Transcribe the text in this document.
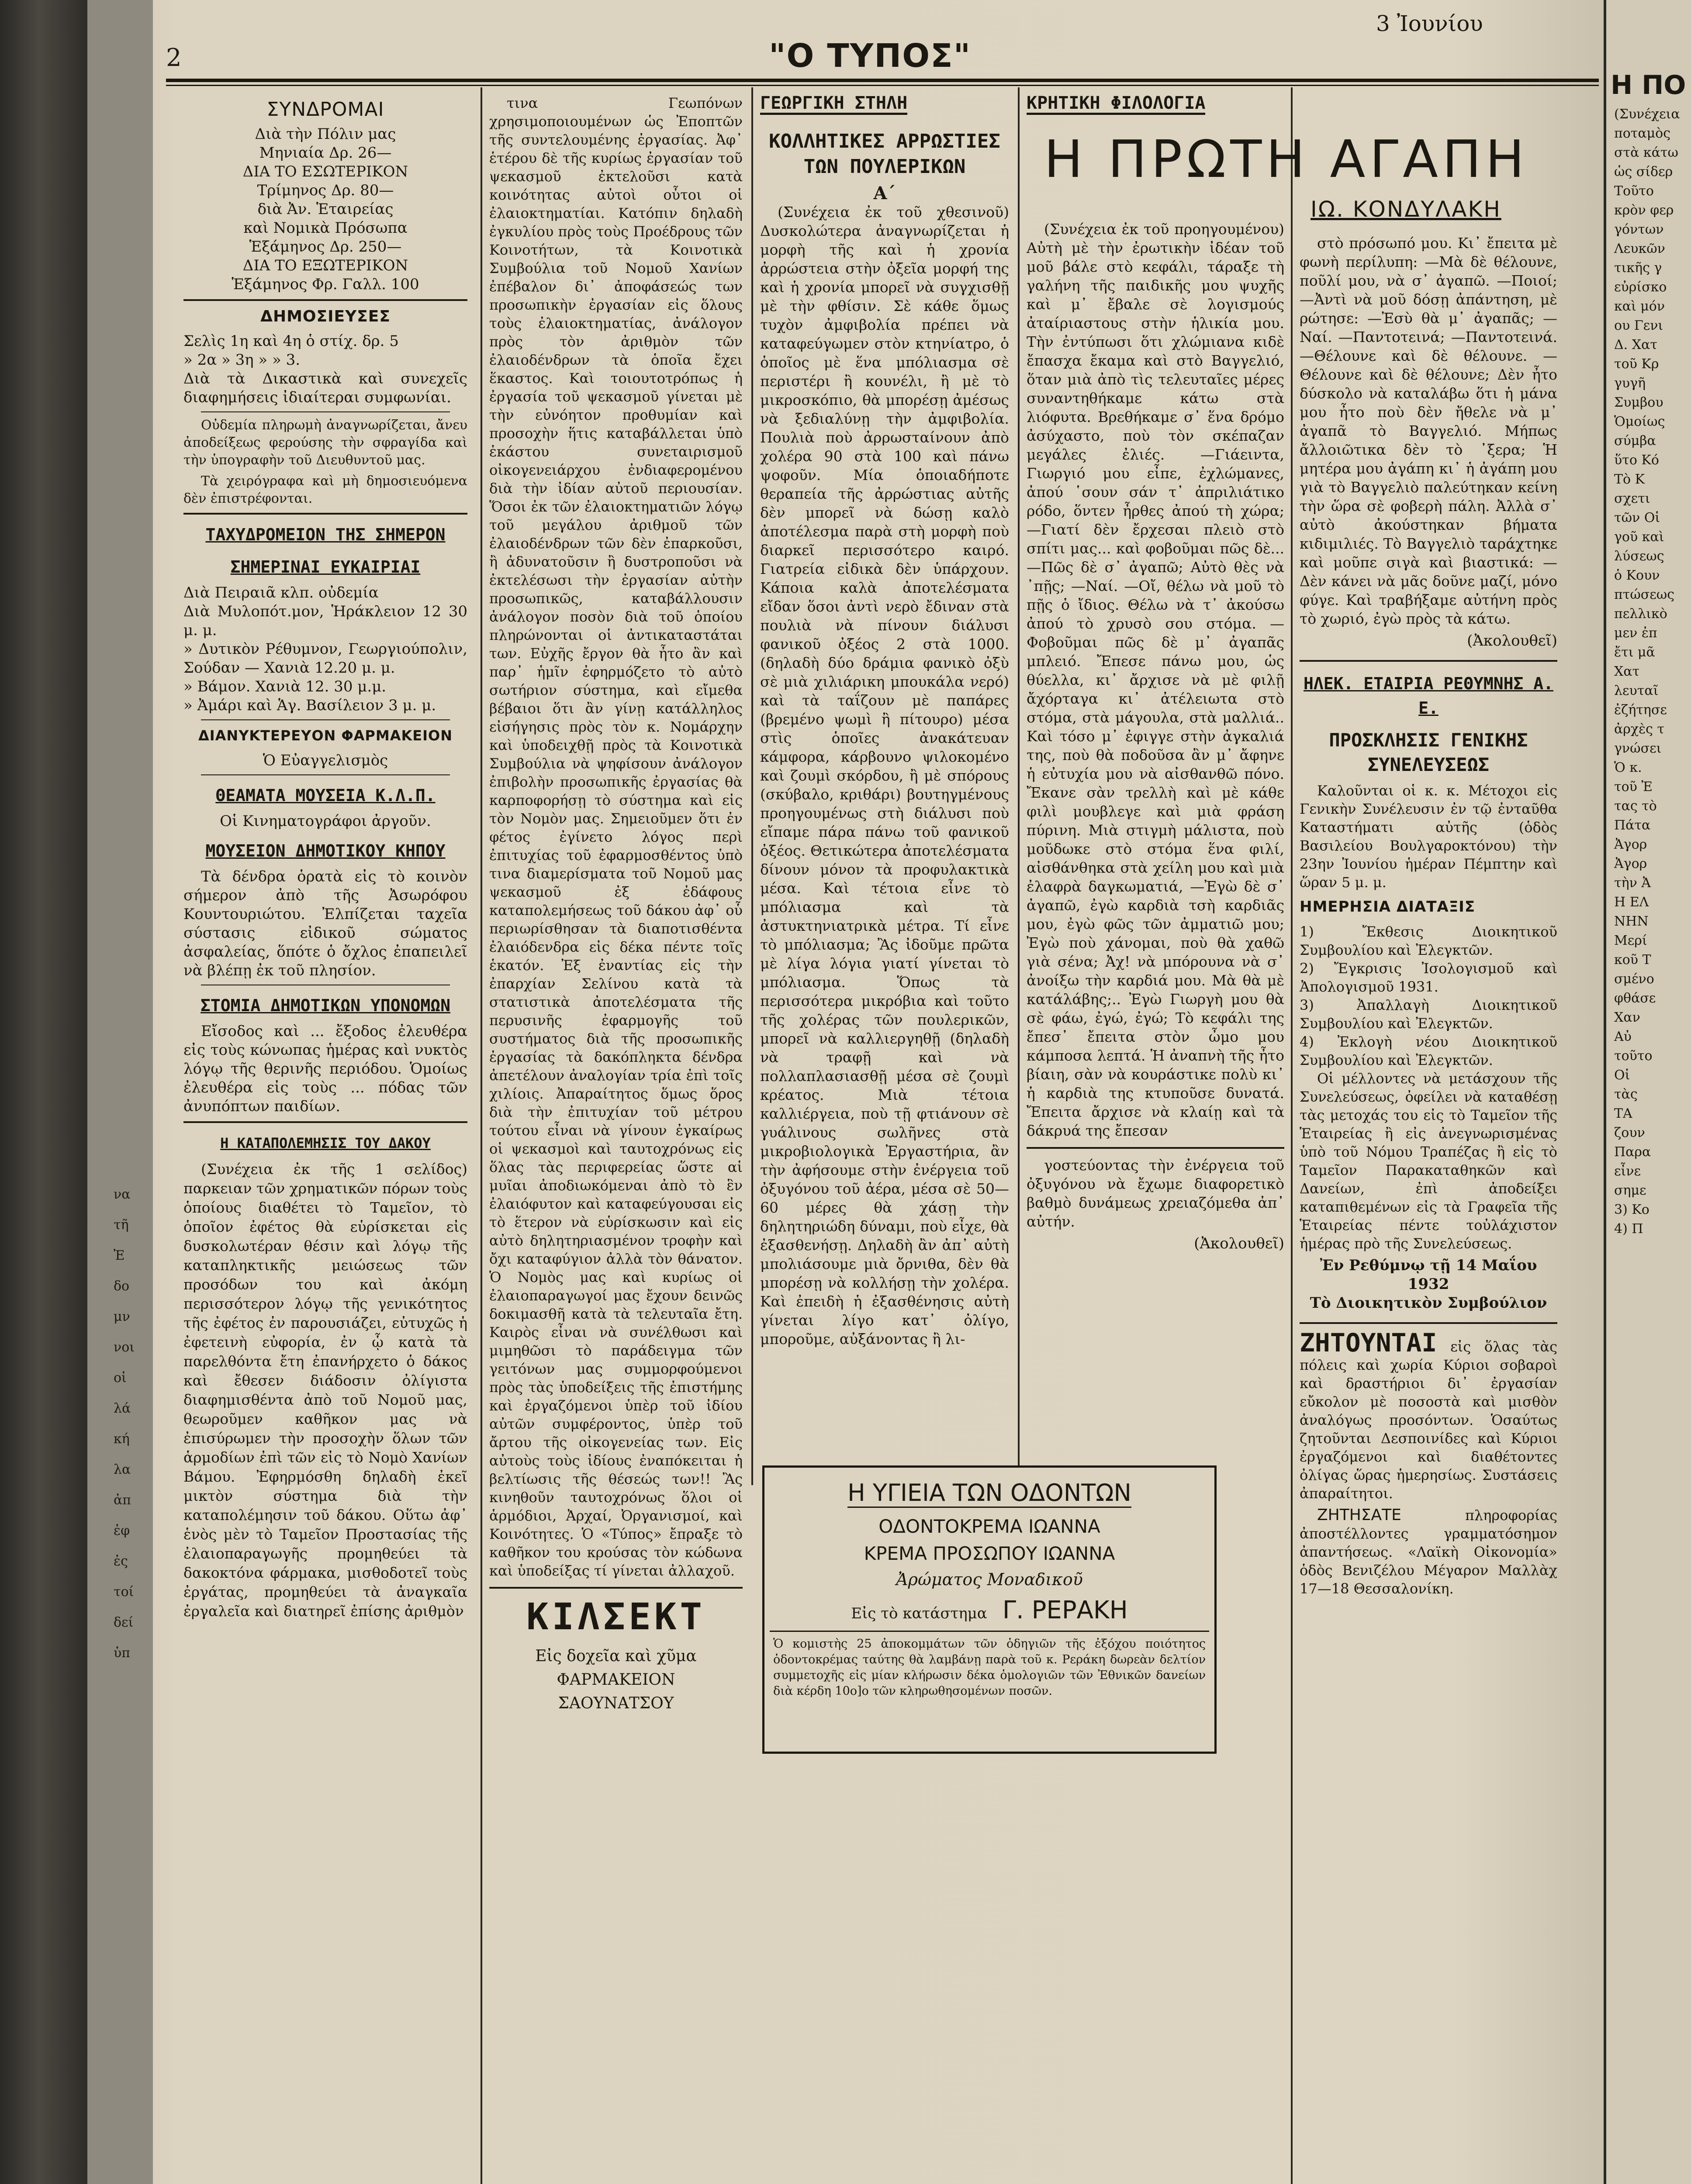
να
τῆ
Ἐ
δο
μν
νοι
οἱ
λά
κή
λα
ἀπ
ἐφ
ἐς
τοί
δεί
ὑπ
Η ΠΟ
(Συνέχεια
ποταμὸς
στὰ κάτω
ὡς σίδερ
Τοῦτο
κρὸν φερ
γόντων
Λευκῶν
τικῆς γ
εὐρίσκο
καὶ μόν
ου Γενι
Δ. Χατ
τοῦ Κρ
γυγῆ
Συμβου
Ὁμοίως
σύμβα
ὕτο Κό
Τὸ Κ
σχετι
τῶν Οἱ
γοῦ καὶ
λύσεως
ὁ Κουν
πτώσεως
πελλικὸ
μεν ἐπ
ἔτι μᾶ
Χατ
λευταῖ
ἐζήτησε
ἀρχὲς τ
γνώσει
Ὁ κ.
τοῦ Ἐ
τας τὸ
Πάτα
Ἀγορ
Ἀγορ
τὴν Ἀ
Η ΕΛ
ΝΗΝ
Μερί
κοῦ Τ
σμένο
φθάσε
Χαν
Αὐ
τοῦτο
Οἱ
τὰς
ΤΑ
ζουν
Παρα
εἶνε
σημε
3) Κο
4) Π
2	"Ο ΤΥΠΟΣ"
3 Ἰουνίου
ΣΥΝΔΡΟΜΑΙ
Διὰ τὴν Πόλιν μας
Μηνιαία Δρ. 26—
ΔΙΑ ΤΟ ΕΣΩΤΕΡΙΚΟΝ
Τρίμηνος Δρ. 80—
διὰ Ἀν. Ἑταιρείας
καὶ Νομικὰ Πρόσωπα
Ἑξάμηνος Δρ. 250—
ΔΙΑ ΤΟ ΕΞΩΤΕΡΙΚΟΝ
Ἑξάμηνος Φρ. Γαλλ. 100
ΔΗΜΟΣΙΕΥΣΕΣ
Σελὶς 1η καὶ 4η ὁ στίχ. δρ. 5
» 2α » 3η » » 3.
Διὰ τὰ Δικαστικὰ καὶ συνεχεῖς διαφημήσεις ἰδιαίτεραι συμφωνίαι.

Οὐδεμία πληρωμὴ ἀναγνωρίζεται, ἄνευ ἀποδείξεως φερούσης τὴν σφραγίδα καὶ τὴν ὑπογραφὴν τοῦ Διευθυντοῦ μας.

Τὰ χειρόγραφα καὶ μὴ δημοσιευόμενα δὲν ἐπιστρέφονται.

ΤΑΧΥΔΡΟΜΕΙΟΝ ΤΗΣ ΣΗΜΕΡΟΝ
ΣΗΜΕΡΙΝΑΙ ΕΥΚΑΙΡΙΑΙ
Διὰ Πειραιᾶ κλπ. οὐδεμία
Διὰ Μυλοπότ.μον, Ἡράκλειον 12 30 μ. μ.
» Δυτικὸν Ρέθυμνον, Γεωργιούπολιν, Σούδαν — Χανιὰ 12.20 μ. μ.
» Βάμον. Χανιὰ 12. 30 μ.μ.
» Ἀμάρι καὶ Ἁγ. Βασίλειον 3 μ. μ.
ΔΙΑΝΥΚΤΕΡΕΥΟΝ ΦΑΡΜΑΚΕΙΟΝ
Ὁ Εὐαγγελισμὸς
ΘΕΑΜΑΤΑ ΜΟΥΣΕΙΑ Κ.Λ.Π.
Οἱ Κινηματογράφοι ἀργοῦν.
ΜΟΥΣΕΙΟΝ ΔΗΜΟΤΙΚΟΥ ΚΗΠΟΥ

Τὰ δένδρα ὁρατὰ εἰς τὸ κοινὸν σήμερον ἀπὸ τῆς Ἀσωρόφου Κουντουριώτου. Ἐλπίζεται ταχεῖα σύστασις εἰδικοῦ σώματος ἀσφαλείας, ὅπότε ὁ ὄχλος ἐπαπειλεῖ νὰ βλέπῃ ἐκ τοῦ πλησίον.

ΣΤΟΜΙΑ ΔΗΜΟΤΙΚΩΝ ΥΠΟΝΟΜΩΝ

Εἴσοδος καὶ ... ἔξοδος ἐλευθέρα εἰς τοὺς κώνωπας ἡμέρας καὶ νυκτὸς λόγῳ τῆς θερινῆς περιόδου. Ὁμοίως ἐλευθέρα εἰς τοὺς ... πόδας τῶν ἀνυπόπτων παιδίων.

Η ΚΑΤΑΠΟΛΕΜΗΣΙΣ ΤΟΥ ΔΑΚΟΥ

(Συνέχεια ἐκ τῆς 1 σελίδος) παρκειαν τῶν χρηματικῶν πόρων τοὺς ὁποίους διαθέτει τὸ Ταμεῖον, τὸ ὁποῖον ἐφέτος θὰ εὑρίσκεται εἰς δυσκολωτέραν θέσιν καὶ λόγῳ τῆς καταπληκτικῆς μειώσεως τῶν προσόδων του καὶ ἀκόμη περισσότερον λόγῳ τῆς γενικότητος τῆς ἐφέτος ἐν παρουσιάζει, εὐτυχῶς ἡ ἐφετεινὴ εὐφορία, ἐν ᾧ κατὰ τὰ παρελθόντα ἔτη ἐπανήρχετο ὁ δάκος καὶ ἔθεσεν διάδοσιν ὀλίγιστα διαφημισθέντα ἀπὸ τοῦ Νομοῦ μας, θεωροῦμεν καθῆκον μας νὰ ἐπισύρωμεν τὴν προσοχὴν ὅλων τῶν ἁρμοδίων ἐπὶ τῶν εἰς τὸ Νομὸ Χανίων Βάμου. Ἐφηρμόσθη δηλαδὴ ἐκεῖ μικτὸν σύστημα διὰ τὴν καταπολέμησιν τοῦ δάκου. Οὕτω ἀφ᾽ ἑνὸς μὲν τὸ Ταμεῖον Προστασίας τῆς ἐλαιοπαραγωγῆς προμηθεύει τὰ δακοκτόνα φάρμακα, μισθοδοτεῖ τοὺς ἐργάτας, προμηθεύει τὰ ἀναγκαῖα ἐργαλεῖα καὶ διατηρεῖ ἐπίσης ἀριθμὸν

τινα Γεωπόνων χρησιμοποιουμένων ὡς Ἐποπτῶν τῆς συντελουμένης ἐργασίας. Ἀφ᾽ ἑτέρου δὲ τῆς κυρίως ἐργασίαν τοῦ ψεκασμοῦ ἐκτελοῦσι κατὰ κοινότητας αὐτοὶ οὗτοι οἱ ἐλαιοκτηματίαι. Κατόπιν δηλαδὴ ἐγκυλίου πρὸς τοὺς Προέδρους τῶν Κοινοτήτων, τὰ Κοινοτικὰ Συμβούλια τοῦ Νομοῦ Χανίων ἐπέβαλον δι᾽ ἀποφάσεώς των προσωπικὴν ἐργασίαν εἰς ὅλους τοὺς ἐλαιοκτηματίας, ἀνάλογον πρὸς τὸν ἀριθμὸν τῶν ἐλαιοδένδρων τὰ ὁποῖα ἔχει ἕκαστος. Καὶ τοιουτοτρόπως ἡ ἐργασία τοῦ ψεκασμοῦ γίνεται μὲ τὴν εὐνόητον προθυμίαν καὶ προσοχὴν ἥτις καταβάλλεται ὑπὸ ἑκάστου συνεταιρισμοῦ οἰκογενειάρχου ἐνδιαφερομένου διὰ τὴν ἰδίαν αὐτοῦ περιουσίαν. Ὅσοι ἐκ τῶν ἐλαιοκτηματιῶν λόγῳ τοῦ μεγάλου ἀριθμοῦ τῶν ἐλαιοδένδρων τῶν δὲν ἐπαρκοῦσι, ἢ ἀδυνατοῦσιν ἢ δυστροποῦσι νὰ ἐκτελέσωσι τὴν ἐργασίαν αὐτὴν προσωπικῶς, καταβάλλουσιν ἀνάλογον ποσὸν διὰ τοῦ ὁποίου πληρώνονται οἱ ἀντικαταστάται των. Εὐχῆς ἔργον θὰ ἦτο ἂν καὶ παρ᾽ ἡμῖν ἐφηρμόζετο τὸ αὐτὸ σωτήριον σύστημα, καὶ εἴμεθα βέβαιοι ὅτι ἂν γίνῃ κατάλληλος εἰσήγησις πρὸς τὸν κ. Νομάρχην καὶ ὑποδειχθῇ πρὸς τὰ Κοινοτικὰ Συμβούλια νὰ ψηφίσουν ἀνάλογον ἐπιβολὴν προσωπικῆς ἐργασίας θὰ καρποφορήσῃ τὸ σύστημα καὶ εἰς τὸν Νομὸν μας. Σημειοῦμεν ὅτι ἐν φέτος ἐγίνετο λόγος περὶ ἐπιτυχίας τοῦ ἐφαρμοσθέντος ὑπὸ τινα διαμερίσματα τοῦ Νομοῦ μας ψεκασμοῦ ἐξ ἐδάφους καταπολεμήσεως τοῦ δάκου ἀφ᾽ οὗ περιωρίσθησαν τὰ διαποτισθέντα ἐλαιόδενδρα εἰς δέκα πέντε τοῖς ἑκατόν. Ἐξ ἐναντίας εἰς τὴν ἐπαρχίαν Σελίνου κατὰ τὰ στατιστικὰ ἀποτελέσματα τῆς περυσινῆς ἐφαρμογῆς τοῦ συστήματος διὰ τῆς προσωπικῆς ἐργασίας τὰ δακόπληκτα δένδρα ἀπετέλουν ἀναλογίαν τρία ἐπὶ τοῖς χιλίοις. Ἀπαραίτητος ὅμως ὅρος διὰ τὴν ἐπιτυχίαν τοῦ μέτρου τούτου εἶναι νὰ γίνουν ἐγκαίρως οἱ ψεκασμοὶ καὶ ταυτοχρόνως εἰς ὅλας τὰς περιφερείας ὥστε αἱ μυῖαι ἀποδιωκόμεναι ἀπὸ τὸ ἓν ἐλαιόφυτον καὶ καταφεύγουσαι εἰς τὸ ἕτερον νὰ εὑρίσκωσιν καὶ εἰς αὐτὸ δηλητηριασμένον τροφὴν καὶ ὄχι καταφύγιον ἀλλὰ τὸν θάνατον. Ὁ Νομὸς μας καὶ κυρίως οἱ ἐλαιοπαραγωγοί μας ἔχουν δεινῶς δοκιμασθῆ κατὰ τὰ τελευταῖα ἔτη. Καιρὸς εἶναι νὰ συνέλθωσι καὶ μιμηθῶσι τὸ παράδειγμα τῶν γειτόνων μας συμμορφούμενοι πρὸς τὰς ὑποδείξεις τῆς ἐπιστήμης καὶ ἐργαζόμενοι ὑπὲρ τοῦ ἰδίου αὐτῶν συμφέροντος, ὑπὲρ τοῦ ἄρτου τῆς οἰκογενείας των. Εἰς αὐτοὺς τοὺς ἰδίους ἐναπόκειται ἡ βελτίωσις τῆς θέσεώς των!! Ἂς κινηθοῦν ταυτοχρόνως ὅλοι οἱ ἁρμόδιοι, Ἀρχαί, Ὀργανισμοί, καὶ Κοινότητες. Ὁ «Τύπος» ἔπραξε τὸ καθῆκον του κρούσας τὸν κώδωνα καὶ ὑποδείξας τί γίνεται ἀλλαχοῦ.

ΚΙΛΣΕΚΤ
Εἰς δοχεῖα καὶ χῦμα
ΦΑΡΜΑΚΕΙΟΝ
ΣΑΟΥΝΑΤΣΟΥ
ΓΕΩΡΓΙΚΗ ΣΤΗΛΗ
ΚΟΛΛΗΤΙΚΕΣ ΑΡΡΩΣΤΙΕΣ ΤΩΝ ΠΟΥΛΕΡΙΚΩΝ
Α΄

(Συνέχεια ἐκ τοῦ χθεσινοῦ) Δυσκολώτερα ἀναγνωρίζεται ἡ μορφὴ τῆς καὶ ἡ χρονία ἀρρώστεια στὴν ὀξεῖα μορφή της καὶ ἡ χρονία μπορεῖ νὰ συγχισθῇ μὲ τὴν φθίσιν. Σὲ κάθε ὅμως τυχὸν ἀμφιβολία πρέπει νὰ καταφεύγωμεν στὸν κτηνίατρο, ὁ ὁποῖος μὲ ἕνα μπόλιασμα σὲ περιστέρι ἢ κουνέλι, ἢ μὲ τὸ μικροσκόπιο, θὰ μπορέσῃ ἀμέσως νὰ ξεδιαλύνῃ τὴν ἀμφιβολία. Πουλιὰ ποὺ ἀρρωσταίνουν ἀπὸ χολέρα 90 στὰ 100 καὶ πάνω ψοφοῦν. Μία ὁποιαδήποτε θεραπεία τῆς ἀρρώστιας αὐτῆς δὲν μπορεῖ νὰ δώσῃ καλὸ ἀποτέλεσμα παρὰ στὴ μορφὴ ποὺ διαρκεῖ περισσότερο καιρό. Γιατρεία εἰδικὰ δὲν ὑπάρχουν. Κάποια καλὰ ἀποτελέσματα εἴδαν ὅσοι ἀντὶ νερὸ ἔδιναν στὰ πουλιὰ νὰ πίνουν διάλυσι φανικοῦ ὀξέος 2 στὰ 1000. (δηλαδὴ δύο δράμια φανικὸ ὀξὺ σὲ μιὰ χιλιάρικη μπουκάλα νερό) καὶ τὰ ταΐζουν μὲ παπάρες (βρεμένο ψωμὶ ἢ πίτουρο) μέσα στὶς ὁποῖες ἀνακάτευαν κάμφορα, κάρβουνο ψιλοκομένο καὶ ζουμὶ σκόρδου, ἢ μὲ σπόρους (σκύβαλο, κριθάρι) βουτηγμένους προηγουμένως στὴ διάλυσι ποὺ εἴπαμε πάρα πάνω τοῦ φανικοῦ ὀξέος. Θετικώτερα ἀποτελέσματα δίνουν μόνον τὰ προφυλακτικὰ μέσα. Καὶ τέτοια εἶνε τὸ μπόλιασμα καὶ τὰ ἀστυκτηνιατρικὰ μέτρα. Τί εἶνε τὸ μπόλιασμα; Ἂς ἰδοῦμε πρῶτα μὲ λίγα λόγια γιατί γίνεται τὸ μπόλιασμα. Ὅπως τὰ περισσότερα μικρόβια καὶ τοῦτο τῆς χολέρας τῶν πουλερικῶν, μπορεῖ νὰ καλλιεργηθῇ (δηλαδὴ νὰ τραφῇ καὶ νὰ πολλαπλασιασθῇ μέσα σὲ ζουμὶ κρέατος. Μιὰ τέτοια καλλιέργεια, ποὺ τῇ φτιάνουν σὲ γυάλινους σωλῆνες στὰ μικροβιολογικὰ Ἐργαστήρια, ἂν τὴν ἀφήσουμε στὴν ἐνέργεια τοῦ ὀξυγόνου τοῦ ἀέρα, μέσα σὲ 50—60 μέρες θὰ χάσῃ τὴν δηλητηριώδη δύναμι, ποὺ εἶχε, θὰ ἐξασθενήσῃ. Δηλαδὴ ἂν ἀπ᾽ αὐτὴ μπολιάσουμε μιὰ ὄρνιθα, δὲν θὰ μπορέσῃ νὰ κολλήσῃ τὴν χολέρα. Καὶ ἐπειδὴ ἡ ἐξασθένησις αὐτὴ γίνεται λίγο κατ᾽ ὀλίγο, μποροῦμε, αὐξάνοντας ἢ λι-

ΚΡΗΤΙΚΗ ΦΙΛΟΛΟΓΙΑ

(Συνέχεια ἐκ τοῦ προηγουμένου) Αὐτὴ μὲ τὴν ἐρωτικὴν ἰδέαν τοῦ μοῦ βάλε στὸ κεφάλι, τάραξε τὴ γαλήνη τῆς παιδικῆς μου ψυχῆς καὶ μ᾽ ἔβαλε σὲ λογισμούς ἀταίριαστους στὴν ἡλικία μου. Τὴν ἐντύπωσι ὅτι χλώμιανα κιδὲ ἔπασχα ἔκαμα καὶ στὸ Βαγγελιό, ὅταν μιὰ ἀπὸ τὶς τελευταῖες μέρες συναντηθήκαμε κάτω στὰ λιόφυτα. Βρεθήκαμε σ᾽ ἕνα δρόμο ἀσύχαστο, ποὺ τὸν σκέπαζαν μεγάλες ἐλιές. —Γιάειντα, Γιωργιό μου εἶπε, ἐχλώμανες, ἀπού ῾σουν σάν τ᾽ ἀπριλιάτικο ρόδο, ὅντεν ἦρθες ἀπού τὴ χώρα; —Γιατί δὲν ἔρχεσαι πλειὸ στὸ σπίτι μας... καὶ φοβοῦμαι πῶς δὲ... —Πῶς δὲ σ᾽ ἀγαπῶ; Αὐτὸ θὲς νὰ ᾽πῇς; —Ναί. —Οἴ, θέλω νὰ μοῦ τὸ πῇς ὁ ἴδιος. Θέλω νὰ τ᾽ ἀκούσω ἀπού τὸ χρυσὸ σου στόμα. —Φοβοῦμαι πῶς δὲ μ᾽ ἀγαπᾶς μπλειό. Ἔπεσε πάνω μου, ὡς θύελλα, κι᾽ ἄρχισε νὰ μὲ φιλῇ ἄχόρταγα κι᾽ ἀτέλειωτα στὸ στόμα, στὰ μάγουλα, στὰ μαλλιά.. Καὶ τόσο μ᾽ ἐφιγγε στὴν ἀγκαλιά της, ποὺ θὰ ποδοῦσα ἂν μ᾽ ἄφηνε ἡ εὐτυχία μου νὰ αἰσθανθῶ πόνο. Ἔκανε σὰν τρελλὴ καὶ μὲ κάθε φιλὶ μουβλεγε καὶ μιὰ φράση πύρινη. Μιὰ στιγμὴ μάλιστα, ποὺ μοῦδωκε στὸ στόμα ἕνα φιλί, αἰσθάνθηκα στὰ χείλη μου καὶ μιὰ ἐλαφρὰ δαγκωματιά, —Ἐγὼ δὲ σ᾽ ἀγαπῶ, ἐγὼ καρδιὰ τσὴ καρδιᾶς μου, ἐγὼ φῶς τῶν ἀμματιῶ μου; Ἐγὼ ποὺ χάνομαι, ποὺ θὰ χαθῶ γιὰ σένα; Ἀχ! νὰ μπόρουνα νὰ σ᾽ ἀνοίξω τὴν καρδιά μου. Μὰ θὰ μὲ κατάλάβης;.. Ἐγὼ Γιωργὴ μου θὰ σὲ φάω, ἐγώ, ἐγώ; Τὸ κεφάλι της ἔπεσ᾽ ἔπειτα στὸν ὦμο μου κάμποσα λεπτά. Ἡ ἀναπνὴ τῆς ἦτο βίαιη, σὰν νὰ κουράστικε πολὺ κι᾽ ἡ καρδιὰ της κτυποῦσε δυνατά. Ἔπειτα ἄρχισε νὰ κλαίῃ καὶ τὰ δάκρυά της ἔπεσαν

γοστεύοντας τὴν ἐνέργεια τοῦ ὀξυγόνου νὰ ἔχωμε διαφορετικὸ βαθμὸ δυνάμεως χρειαζόμεθα ἀπ᾽ αὐτήν.

(Ἀκολουθεῖ)
Η ΠΡΩΤΗ ΑΓΑΠΗ
ΙΩ. ΚΟΝΔΥΛΑΚΗ

στὸ πρόσωπό μου. Κι᾽ ἔπειτα μὲ φωνὴ περίλυπη: —Μὰ δὲ θέλουνε, ποῦλί μου, νὰ σ᾽ ἀγαπῶ. —Ποιοί; —Ἀντὶ νὰ μοῦ δόσῃ ἀπάντηση, μὲ ρώτησε: —Ἐσὺ θὰ μ᾽ ἀγαπᾶς; —Ναί. —Παντοτεινά; —Παντοτεινά. —Θέλουνε καὶ δὲ θέλουνε. —Θέλουνε καὶ δὲ θέλουνε; Δὲν ἦτο δύσκολο νὰ καταλάβω ὅτι ἡ μάνα μου ἦτο ποὺ δὲν ἤθελε νὰ μ᾽ ἀγαπᾶ τὸ Βαγγελιό. Μήπως ἄλλοιῶτικα δὲν τὸ ᾽ξερα; Ἡ μητέρα μου ἀγάπη κι᾽ ἡ ἀγάπη μου γιὰ τὸ Βαγγελιὸ παλεύτηκαν κείνη τὴν ὥρα σὲ φοβερὴ πάλη. Ἀλλὰ σ᾽ αὐτὸ ἀκούστηκαν βήματα κιδιμιλιές. Τὸ Βαγγελιὸ ταράχτηκε καὶ μοῦπε σιγὰ καὶ βιαστικά: —Δὲν κάνει νὰ μᾶς δοῦνε μαζί, μόνο φύγε. Καὶ τραβήξαμε αὐτήνη πρὸς τὸ χωριό, ἐγὼ πρὸς τὰ κάτω.

(Ἀκολουθεῖ)
ΗΛΕΚ. ΕΤΑΙΡΙΑ ΡΕΘΥΜΝΗΣ Α. Ε.
ΠΡΟΣΚΛΗΣΙΣ ΓΕΝΙΚΗΣ ΣΥΝΕΛΕΥΣΕΩΣ

Καλοῦνται οἱ κ. κ. Μέτοχοι εἰς Γενικὴν Συνέλευσιν ἐν τῷ ἐνταῦθα Καταστήματι αὐτῆς (ὁδὸς Βασιλείου Βουλγαροκτόνου) τὴν 23ην Ἰουνίου ἡμέραν Πέμπτην καὶ ὥραν 5 μ. μ.

ΗΜΕΡΗΣΙΑ ΔΙΑΤΑΞΙΣ
1) Ἔκθεσις Διοικητικοῦ Συμβουλίου καὶ Ἐλεγκτῶν.
2) Ἔγκρισις Ἰσολογισμοῦ καὶ Ἀπολογισμοῦ 1931.
3) Ἀπαλλαγὴ Διοικητικοῦ Συμβουλίου καὶ Ἐλεγκτῶν.
4) Ἐκλογὴ νέου Διοικητικοῦ Συμβουλίου καὶ Ἐλεγκτῶν.

Οἱ μέλλοντες νὰ μετάσχουν τῆς Συνελεύσεως, ὀφείλει νὰ καταθέσῃ τὰς μετοχάς του εἰς τὸ Ταμεῖον τῆς Ἑταιρείας ἢ εἰς ἀνεγνωρισμένας ὑπὸ τοῦ Νόμου Τραπέζας ἢ εἰς τὸ Ταμεῖον Παρακαταθηκῶν καὶ Δανείων, ἐπὶ ἀποδείξει καταπιθεμένων εἰς τὰ Γραφεῖα τῆς Ἑταιρείας πέντε τοὐλάχιστον ἡμέρας πρὸ τῆς Συνελεύσεως.

Ἐν Ρεθύμνῳ τῇ 14 Μαΐου 1932
Τὸ Διοικητικὸν Συμβούλιον

ΖΗΤΟΥΝΤΑΙ εἰς ὅλας τὰς πόλεις καὶ χωρία Κύριοι σοβαροὶ καὶ δραστήριοι δι᾽ ἐργασίαν εὔκολον μὲ ποσοστὰ καὶ μισθὸν ἀναλόγως προσόντων. Ὁσαύτως ζητοῦνται Δεσποινίδες καὶ Κύριοι ἐργαζόμενοι καὶ διαθέτοντες ὀλίγας ὥρας ἡμερησίως. Συστάσεις ἀπαραίτητοι.

ΖΗΤΗΣΑΤΕ	πληροφορίας ἀποστέλλοντες γραμματόσημον ἀπαντήσεως. «Λαϊκὴ Οἰκονομία» ὁδὸς Βενιζέλου Μέγαρον Μαλλὰχ 17—18 Θεσσαλονίκη.

Η ΥΓΙΕΙΑ ΤΩΝ ΟΔΟΝΤΩΝ
ΟΔΟΝΤΟΚΡΕΜΑ ΙΩΑΝΝΑ
ΚΡΕΜΑ ΠΡΟΣΩΠΟΥ ΙΩΑΝΝΑ
Ἀρώματος Μοναδικοῦ
Εἰς τὸ κατάστημα Γ. ΡΕΡΑΚΗ
Ὁ κομιστὴς 25 ἀποκομμάτων τῶν ὁδηγιῶν τῆς ἐξόχου ποιότητος ὁδοντοκρέμας ταύτης θὰ λαμβάνῃ παρὰ τοῦ κ. Ρεράκη δωρεὰν δελτίον συμμετοχῆς εἰς μίαν κλήρωσιν δέκα ὁμολογιῶν τῶν Ἐθνικῶν δανείων διὰ κέρδη 10ο]ο τῶν κληρωθησομένων ποσῶν.
